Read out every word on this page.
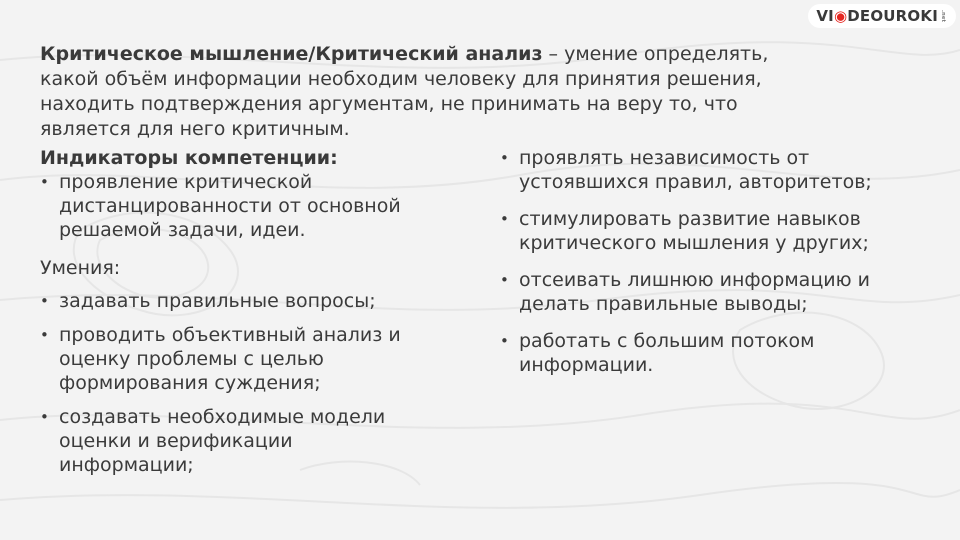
VI ◉ DEOUROKI .net

Критическое мышление/Критический анализ – умение определять,
какой объём информации необходим человеку для принятия решения,
находить подтверждения аргументам, не принимать на веру то, что
является для него критичным.

Индикаторы компетенции:

• проявление критической
дистанцированности от основной
решаемой задачи, идеи.

Умения:

• задавать правильные вопросы;
• проводить объективный анализ и
оценку проблемы с целью
формирования суждения;
• создавать необходимые модели
оценки и верификации
информации;
• проявлять независимость от
устоявшихся правил, авторитетов;
• стимулировать развитие навыков
критического мышления у других;
• отсеивать лишнюю информацию и
делать правильные выводы;
• работать с большим потоком
информации.
